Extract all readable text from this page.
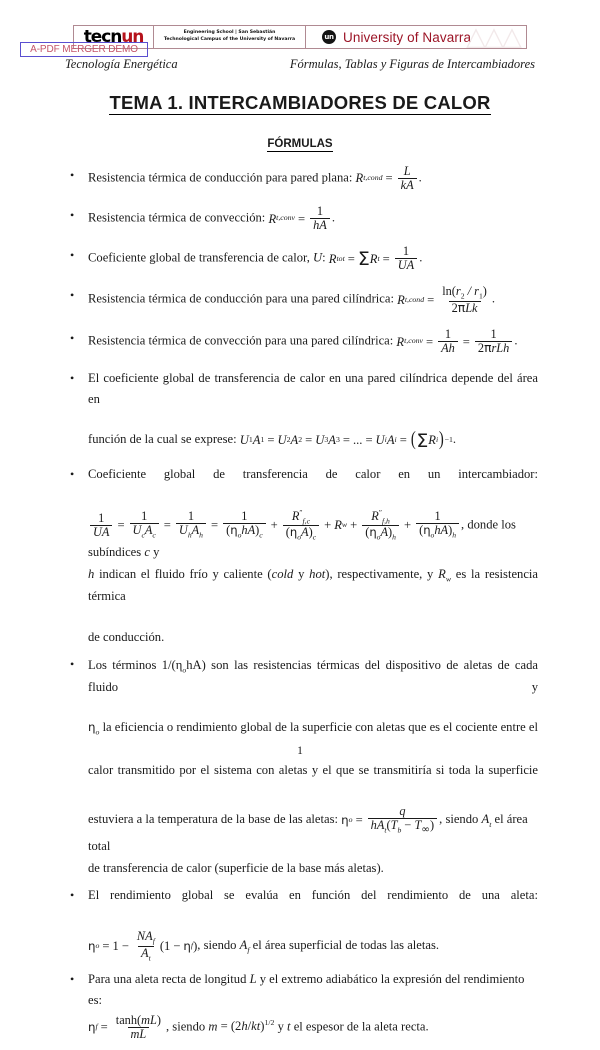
tecnun	Engineering School | San Sebastián
Technological Campus of the University of Navarra	△△△
un University of Navarra
A-PDF MERGER DEMO
Tecnología Energética	Fórmulas, Tablas y Figuras de Intercambiadores
TEMA 1. INTERCAMBIADORES DE CALOR
FÓRMULAS
• Resistencia térmica de conducción para pared plana: R t,cond = $\frac{L}{kA}$ .
• Resistencia térmica de convección: R t,conv = $\frac{1}{hA}$ .
• Coeficiente global de transferencia de calor, U: R tot = Σ R $t = \frac{1}{UA}$ .
• Resistencia térmica de conducción para una pared cilíndrica: R t,cond = $\frac{\ln(r_2 / r_1)}{\text{2πLk}}$ .
• Resistencia térmica de convección para una pared cilíndrica: R t,conv = $\frac{1}{Ah} = \frac{1}{\text{2πrLh}}$ .
• El coeficiente global de transferencia de calor en una pared cilíndrica depende del área en
función de la cual se exprese: U 1 A 1 = U 2 A 2 = U 3 A 3 = ... = U i A i = ( Σ R i ) −1 .
• Coeficiente global de transferencia de calor en un intercambiador:
$\frac{1}{UA} = \frac{1}{U_cA_c} = \frac{1}{U_hA_h} = \frac{1}{(\eta_ohA)_c} + \frac{R''_{f,c}}{(\eta_oA)_c} + R$ $w + \frac{R''_{f,h}}{(\eta_oA)_h} + \frac{1}{(\eta_ohA)_h}$ , donde los subíndices c y
h indican el fluido frío y caliente (cold y hot), respectivamente, y $R_w$ es la resistencia térmica
de conducción.
• Los términos $1/(\eta_ohA)$ son las resistencias térmicas del dispositivo de aletas de cada fluido y
$\eta_o$ la eficiencia o rendimiento global de la superficie con aletas que es el cociente entre el
calor transmitido por el sistema con aletas y el que se transmitiría si toda la superficie
estuviera a la temperatura de la base de las aletas: η $o = \frac{q}{hA_t(T_b - T_\infty)}$ , siendo $A_t$ el área total
de transferencia de calor (superficie de la base más aletas).
• El rendimiento global se evalúa en función del rendimiento de una aleta:
η $o = 1 - \frac{NA_f}{A_t} (1 - \eta$ f ) , siendo $A_f$ el área superficial de todas las aletas.
• Para una aleta recta de longitud L y el extremo adiabático la expresión del rendimiento es:
η $f = \frac{\tanh(mL)}{mL}$ , siendo $m = (2h/kt)^{1/2}$ y t el espesor de la aleta recta.
1
